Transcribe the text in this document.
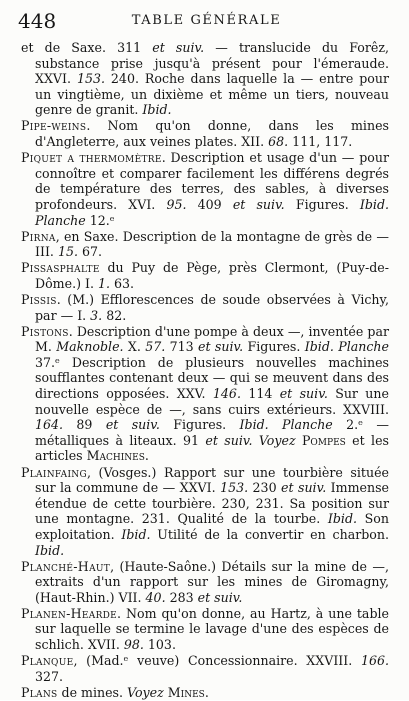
448	TABLE GÉNÉRALE

et de Saxe. 311 et suiv. — translucide du Forêz, substance prise jusqu'à présent pour l'émeraude. XXVI. 153. 240. Roche dans laquelle la — entre pour un vingtième, un dixième et même un tiers, nouveau genre de granit. Ibid.

Pipe-weins. Nom qu'on donne, dans les mines d'Angleterre, aux veines plates. XII. 68. 111, 117.

Piquet a thermomètre. Description et usage d'un — pour connoître et comparer facilement les différens degrés de température des terres, des sables, à diverses profondeurs. XVI. 95. 409 et suiv. Figures. Ibid. Planche 12.ᵉ

Pirna, en Saxe. Description de la montagne de grès de — III. 15. 67.

Pissasphalte du Puy de Pège, près Clermont, (Puy-de-Dôme.) I. 1. 63.

Pissis. (M.) Efflorescences de soude observées à Vichy, par — I. 3. 82.

Pistons. Description d'une pompe à deux —, inventée par M. Maknoble. X. 57. 713 et suiv. Figures. Ibid. Planche 37.ᵉ Description de plusieurs nouvelles machines soufflantes contenant deux — qui se meuvent dans des directions opposées. XXV. 146. 114 et suiv. Sur une nouvelle espèce de —, sans cuirs extérieurs. XXVIII. 164. 89 et suiv. Figures. Ibid. Planche 2.ᵉ — métalliques à liteaux. 91 et suiv. Voyez Pompes et les articles Machines.

Plainfaing, (Vosges.) Rapport sur une tourbière située sur la commune de — XXVI. 153. 230 et suiv. Immense étendue de cette tourbière. 230, 231. Sa position sur une montagne. 231. Qualité de la tourbe. Ibid. Son exploitation. Ibid. Utilité de la convertir en charbon. Ibid.

Planché-Haut, (Haute-Saône.) Détails sur la mine de —, extraits d'un rapport sur les mines de Giromagny, (Haut-Rhin.) VII. 40. 283 et suiv.

Planen-Hearde. Nom qu'on donne, au Hartz, à une table sur laquelle se termine le lavage d'une des espèces de schlich. XVII. 98. 103.

Planque, (Mad.ᵉ veuve) Concessionnaire. XXVIII. 166. 327.

Plans de mines. Voyez Mines.
